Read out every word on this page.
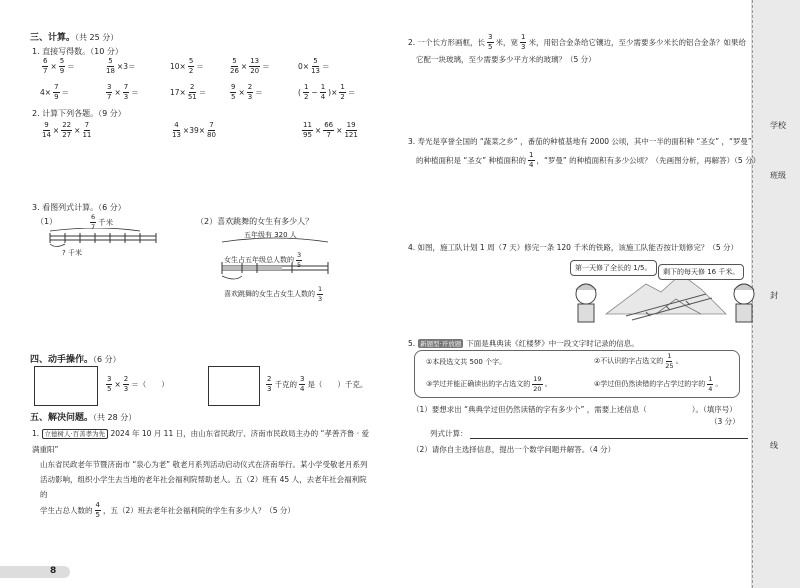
学校
班级
封
线
三、计算。（共 25 分）
1. 直接写得数。（10 分）
$\frac{6}{7} \times \frac{5}{9}$ ＝	$\frac{5}{18} \times 3=$	$10\times \frac{5}{2}$ ＝	$\frac{5}{26} \times \frac{13}{20}$ ＝	$0\times \frac{5}{13}$ ＝
$4\times \frac{7}{9}$ ＝	$\frac{3}{7} \times \frac{7}{3}$ ＝	$17\times \frac{2}{51}$ ＝	$\frac{9}{5} \times \frac{2}{3}$ ＝	( $\frac{1}{2} - \frac{1}{4}$ )× $\frac{1}{2}$ ＝
2. 计算下列各题。（9 分）
$\frac{9}{14} \times \frac{22}{27} \times \frac{7}{11}$	$\frac{4}{13} \times 39\times \frac{7}{80}$	$\frac{11}{95} \times \frac{66}{7} \times \frac{19}{121}$
3. 看图列式计算。（6 分）
（1）	$\frac{6}{7}$ 千米
? 千米
（2）喜欢跳舞的女生有多少人？
五年级有 320 人
女生占五年级总人数的 $\frac{3}{5}$
喜欢跳舞的女生占女生人数的 $\frac{1}{3}$
四、动手操作。（6 分）
$\frac{3}{5} \times \frac{2}{3}$ ＝（　　）	$\frac{2}{3}$ 千克的 $\frac{3}{4}$ 是（　　）千克。
五、解决问题。（共 28 分）
1. 立德树人·百善孝为先 2024 年 10 月 11 日，由山东省民政厅、济南市民政局主办的 “孝善齐鲁 · 爱满重阳”
山东省民政老年节暨济南市 “泉心为老” 敬老月系列活动启动仪式在济南举行。某小学受敬老月系列
活动影响，组织小学生去当地的老年社会福利院帮助老人。五（2）班有 45 人，去老年社会福利院的
学生占总人数的 $\frac{4}{5}$ ，五（2）班去老年社会福利院的学生有多少人？（5 分）
8
2. 一个长方形画框，长 $\frac{3}{5}$ 米，宽 $\frac{1}{3}$ 米，用铝合金条给它镶边，至少需要多少米长的铝合金条？如果给
它配一块玻璃，至少需要多少平方米的玻璃？（5 分）
3. 寿光是享誉全国的 “蔬菜之乡” ，番茄的种植基地有 2000 公顷，其中一半的面积种 “圣女” ，“罗曼”
的种植面积是 “圣女” 种植面积的 $\frac{1}{4}$ ，“罗曼” 的种植面积有多少公顷？（先画图分析，再解答）（5 分）
4. 如图，施工队计划 1 周（7 天）修完一条 120 千米的铁路，该施工队能否按计划修完？（5 分）
第一天修了全长的 1/5。	剩下的每天修 16 千米。
5. 新题型·开放题 下面是典典读《红楼梦》中一段文字时记录的信息。
①本段选文共 500 个字。	②不认识的字占选文的 $\frac{1}{25}$ 。
③学过并能正确读出的字占选文的 $\frac{19}{20}$ 。	④学过但仍然读错的字占学过的字的 $\frac{1}{4}$ 。
（1）要想求出 “典典学过但仍然读错的字有多少个” ，需要上述信息（　　　　　　）。（填序号）
（3 分）
列式计算：
（2）请你自主选择信息，提出一个数学问题并解答。（4 分）
